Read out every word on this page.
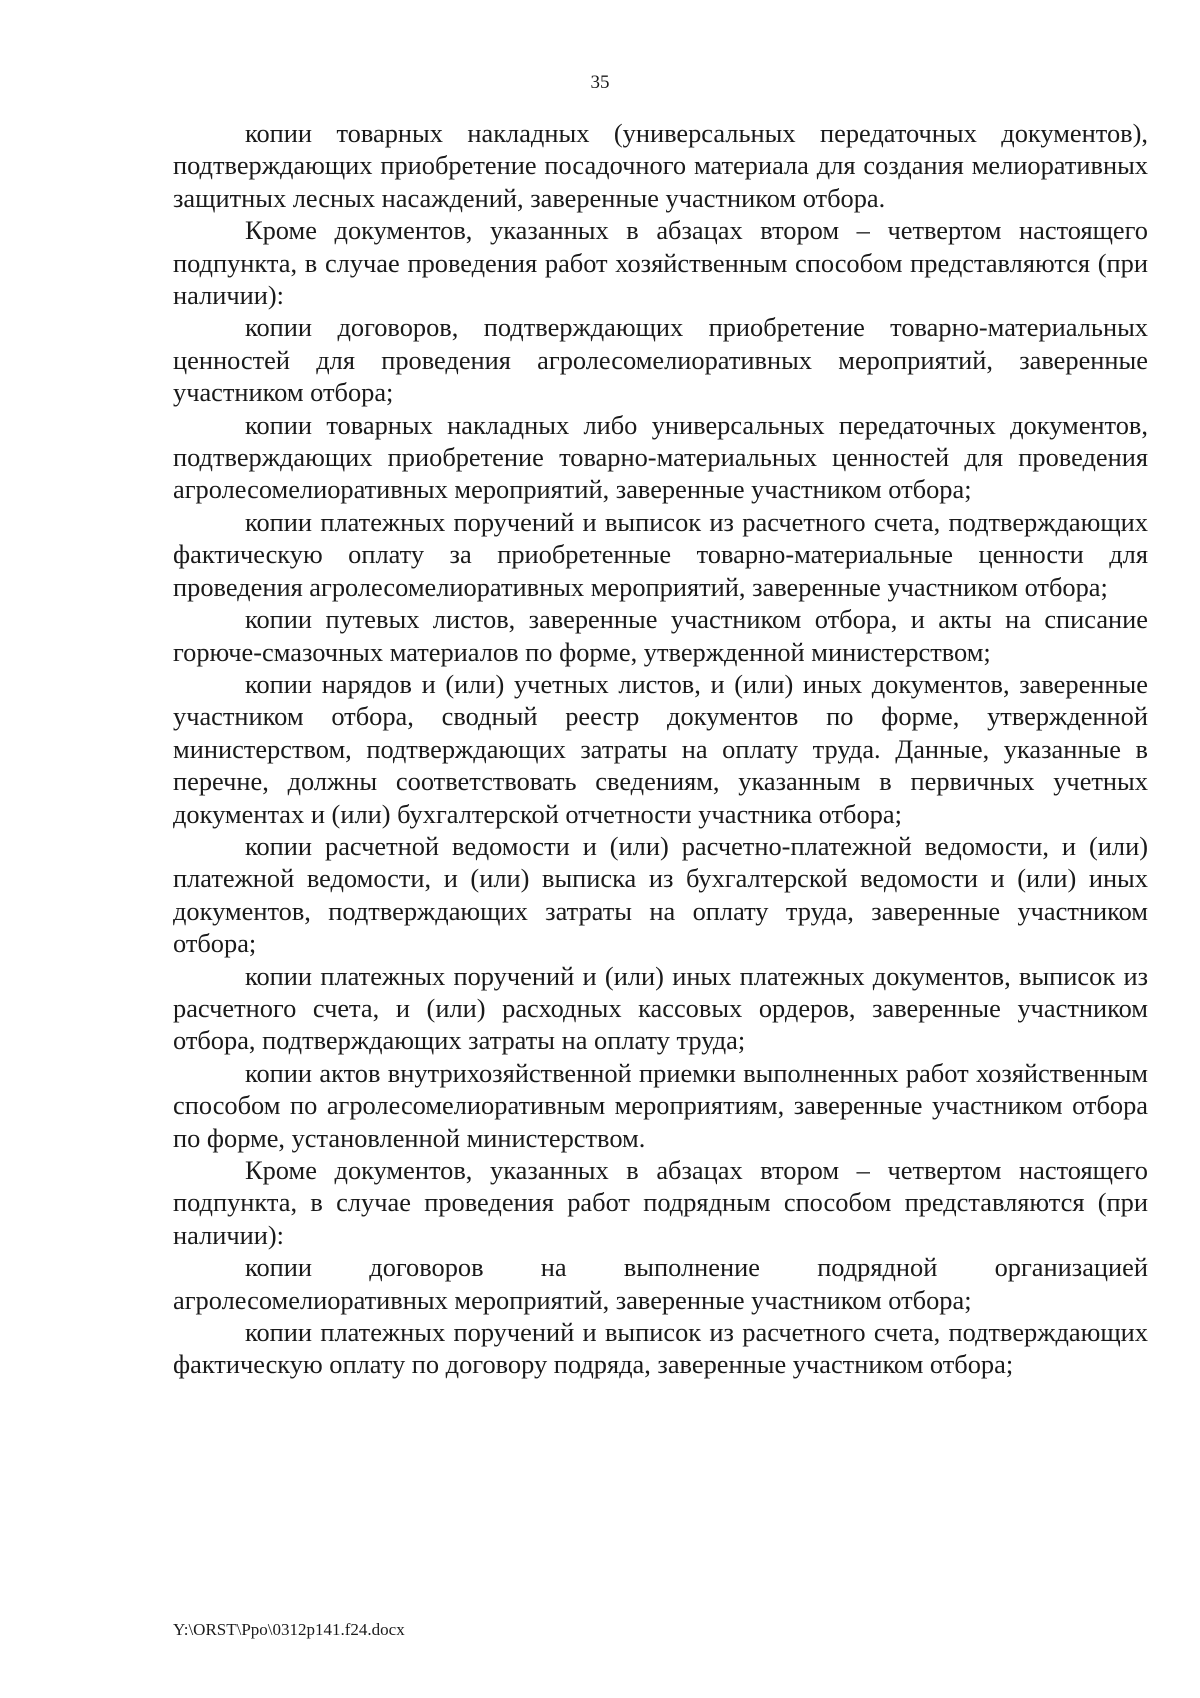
35

копии товарных накладных (универсальных передаточных документов), подтверждающих приобретение посадочного материала для создания мелиоративных защитных лесных насаждений, заверенные участником отбора.

Кроме документов, указанных в абзацах втором – четвертом настоящего подпункта, в случае проведения работ хозяйственным способом представляются (при наличии):

копии договоров, подтверждающих приобретение товарно-материальных ценностей для проведения агролесомелиоративных мероприятий, заверенные участником отбора;

копии товарных накладных либо универсальных передаточных документов, подтверждающих приобретение товарно-материальных ценностей для проведения агролесомелиоративных мероприятий, заверенные участником отбора;

копии платежных поручений и выписок из расчетного счета, подтверждающих фактическую оплату за приобретенные товарно-материальные ценности для проведения агролесомелиоративных мероприятий, заверенные участником отбора;

копии путевых листов, заверенные участником отбора, и акты на списание горюче-смазочных материалов по форме, утвержденной министерством;

копии нарядов и (или) учетных листов, и (или) иных документов, заверенные участником отбора, сводный реестр документов по форме, утвержденной министерством, подтверждающих затраты на оплату труда. Данные, указанные в перечне, должны соответствовать сведениям, указанным в первичных учетных документах и (или) бухгалтерской отчетности участника отбора;

копии расчетной ведомости и (или) расчетно-платежной ведомости, и (или) платежной ведомости, и (или) выписка из бухгалтерской ведомости и (или) иных документов, подтверждающих затраты на оплату труда, заверенные участником отбора;

копии платежных поручений и (или) иных платежных документов, выписок из расчетного счета, и (или) расходных кассовых ордеров, заверенные участником отбора, подтверждающих затраты на оплату труда;

копии актов внутрихозяйственной приемки выполненных работ хозяйственным способом по агролесомелиоративным мероприятиям, заверенные участником отбора по форме, установленной министерством.

Кроме документов, указанных в абзацах втором – четвертом настоящего подпункта, в случае проведения работ подрядным способом представляются (при наличии):

копии договоров на выполнение подрядной организацией агролесомелиоративных мероприятий, заверенные участником отбора;

копии платежных поручений и выписок из расчетного счета, подтверждающих фактическую оплату по договору подряда, заверенные участником отбора;

Y:\ORST\Ppo\0312p141.f24.docx
